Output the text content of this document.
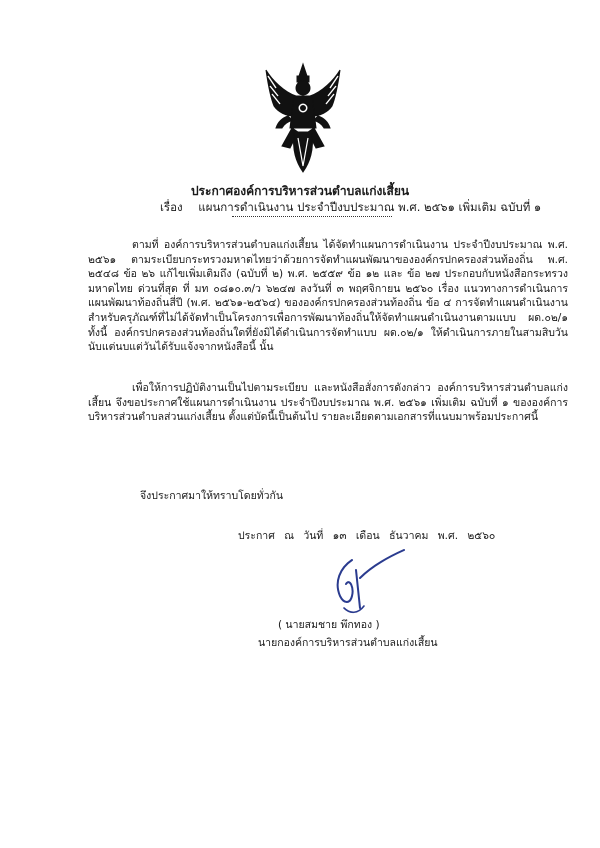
ประกาศองค์การบริหารส่วนตำบลแก่งเสี้ยน
เรื่อง แผนการดำเนินงาน ประจำปีงบประมาณ พ.ศ. ๒๕๖๑ เพิ่มเติม ฉบับที่ ๑
ตามที่ องค์การบริหารส่วนตำบลแก่งเสี้ยน ได้จัดทำแผนการดำเนินงาน ประจำปีงบประมาณ พ.ศ. ๒๕๖๑ ตามระเบียบกระทรวงมหาดไทยว่าด้วยการจัดทำแผนพัฒนาขององค์กรปกครองส่วนท้องถิ่น พ.ศ. ๒๕๔๘ ข้อ ๒๖ แก้ไขเพิ่มเติมถึง (ฉบับที่ ๒) พ.ศ. ๒๕๕๙ ข้อ ๑๒ และ ข้อ ๒๗ ประกอบกับหนังสือกระทรวงมหาดไทย ด่วนที่สุด ที่ มท ๐๘๑๐.๓/ว ๖๒๔๗ ลงวันที่ ๓ พฤศจิกายน ๒๕๖๐ เรื่อง แนวทางการดำเนินการแผนพัฒนาท้องถิ่นสี่ปี (พ.ศ. ๒๕๖๑-๒๕๖๔) ขององค์กรปกครองส่วนท้องถิ่น ข้อ ๔ การจัดทำแผนดำเนินงานสำหรับครุภัณฑ์ที่ไม่ได้จัดทำเป็นโครงการเพื่อการพัฒนาท้องถิ่นให้จัดทำแผนดำเนินงานตามแบบ ผด.๐๒/๑ ทั้งนี้ องค์กรปกครองส่วนท้องถิ่นใดที่ยังมิได้ดำเนินการจัดทำแบบ ผด.๐๒/๑ ให้ดำเนินการภายในสามสิบวันนับแต่นบแต่วันได้รับแจ้งจากหนังสือนี้ นั้น
เพื่อให้การปฏิบัติงานเป็นไปตามระเบียบ และหนังสือสั่งการดังกล่าว องค์การบริหารส่วนตำบลแก่งเสี้ยน จึงขอประกาศใช้แผนการดำเนินงาน ประจำปีงบประมาณ พ.ศ. ๒๕๖๑ เพิ่มเติม ฉบับที่ ๑ ขององค์การบริหารส่วนตำบลส่วนแก่งเสี้ยน ตั้งแต่บัดนี้เป็นต้นไป รายละเอียดตามเอกสารที่แนบมาพร้อมประกาศนี้
จึงประกาศมาให้ทราบโดยทั่วกัน
ประกาศ ณ วันที่ ๑๓ เดือน ธันวาคม พ.ศ. ๒๕๖๐
( นายสมชาย พึกทอง )
นายกองค์การบริหารส่วนตำบลแก่งเสี้ยน
